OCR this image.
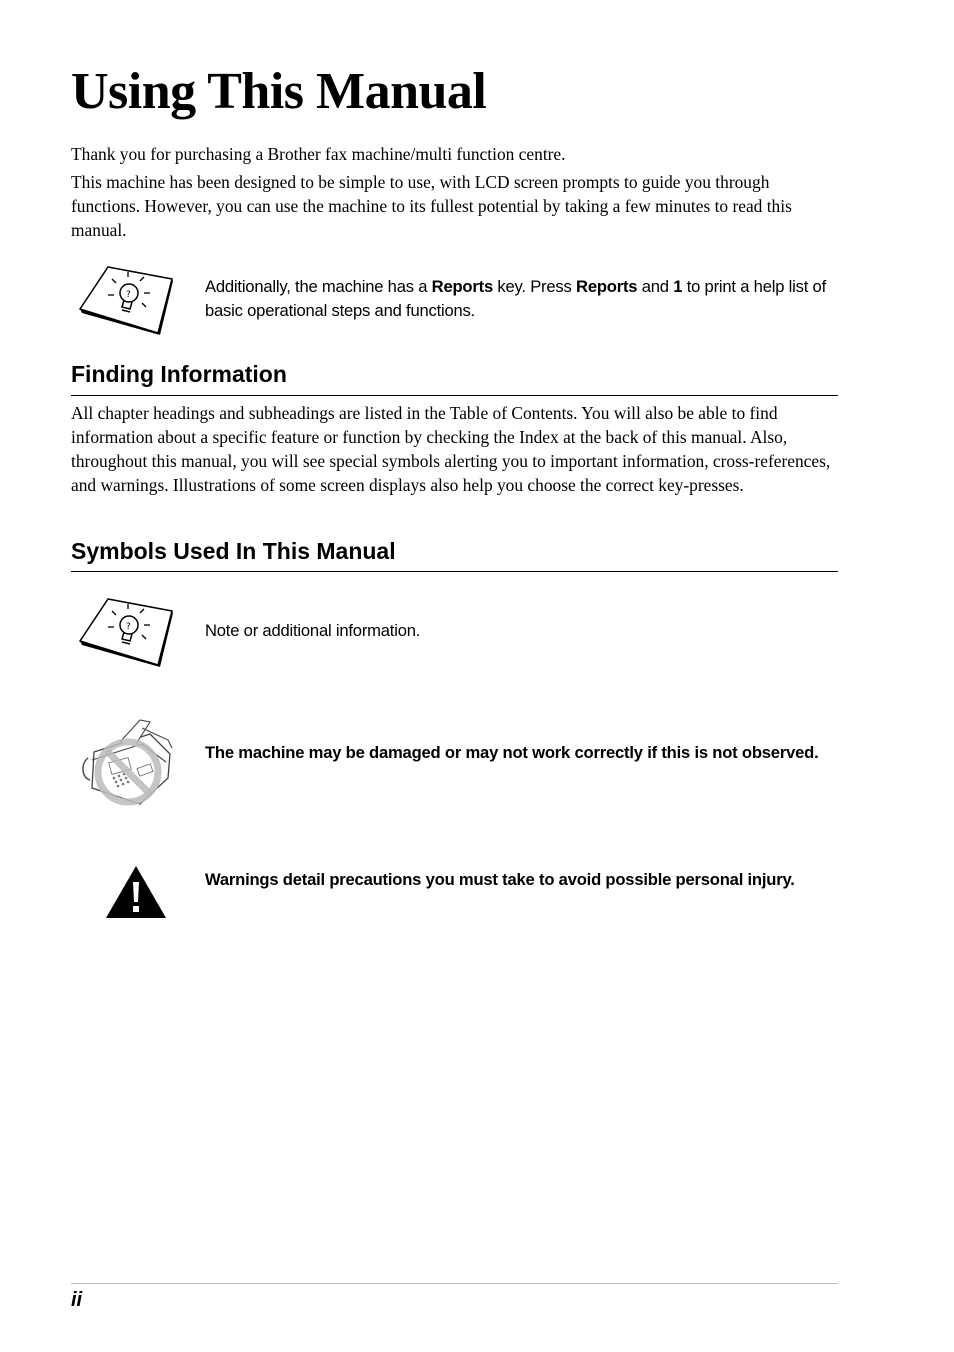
Using This Manual

Thank you for purchasing a Brother fax machine/multi function centre.

This machine has been designed to be simple to use, with LCD screen prompts to guide you through functions. However, you can use the machine to its fullest potential by taking a few minutes to read this manual.

?	Additionally, the machine has a Reports key. Press Reports and 1 to print a help list of basic operational steps and functions.

Finding Information

All chapter headings and subheadings are listed in the Table of Contents. You will also be able to find information about a specific feature or function by checking the Index at the back of this manual. Also, throughout this manual, you will see special symbols alerting you to important information, cross-references, and warnings. Illustrations of some screen displays also help you choose the correct key-presses.

Symbols Used In This Manual
?	Note or additional information.

The machine may be damaged or may not work correctly if this is not observed.

Warnings detail precautions you must take to avoid possible personal injury.

ii
